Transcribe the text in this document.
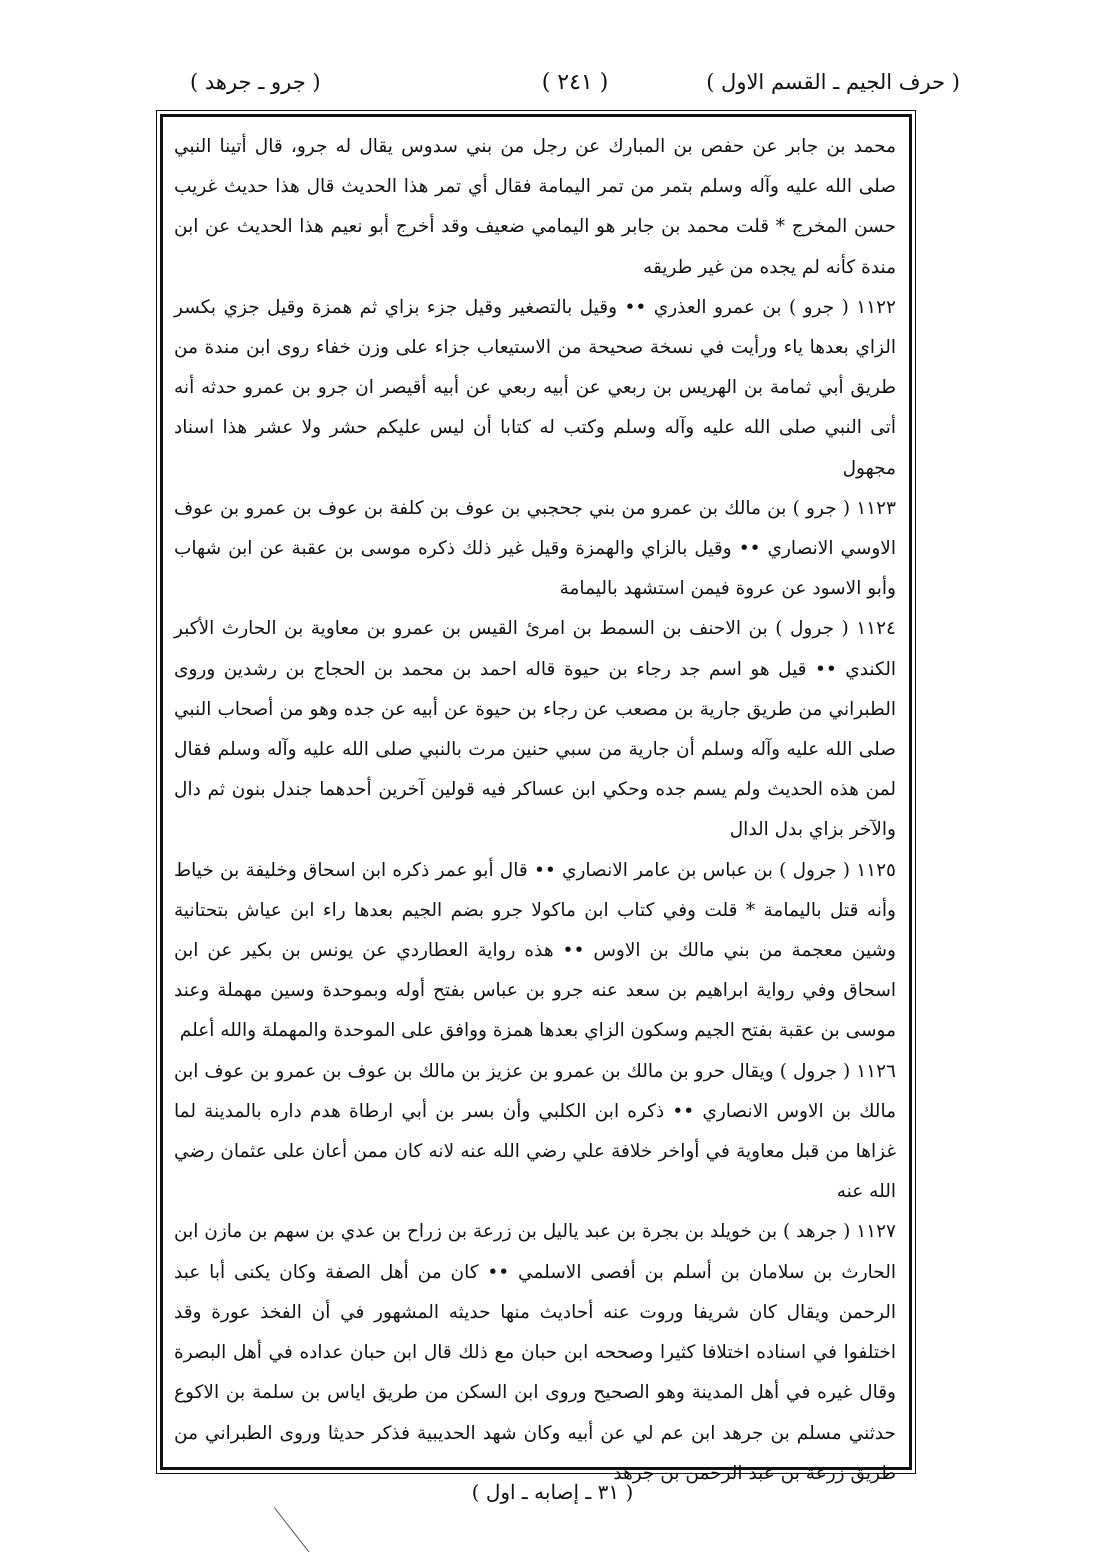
( حرف الجيم ـ القسم الاول )
( ٢٤١ )
( جرو ـ جرهد )

محمد بن جابر عن حفص بن المبارك عن رجل من بني سدوس يقال له جرو، قال أتينا النبي صلى الله عليه وآله وسلم بتمر من تمر اليمامة فقال أي تمر هذا الحديث قال هذا حديث غريب حسن المخرج * قلت محمد بن جابر هو اليمامي ضعيف وقد أخرج أبو نعيم هذا الحديث عن ابن مندة كأنه لم يجده من غير طريقه

١١٢٢ ( جرو ) بن عمرو العذري •• وقيل بالتصغير وقيل جزء بزاي ثم همزة وقيل جزي بكسر الزاي بعدها ياء ورأيت في نسخة صحيحة من الاستيعاب جزاء على وزن خفاء روى ابن مندة من طريق أبي ثمامة بن الهريس بن ربعي عن أبيه ربعي عن أبيه أقيصر ان جرو بن عمرو حدثه أنه أتى النبي صلى الله عليه وآله وسلم وكتب له كتابا أن ليس عليكم حشر ولا عشر هذا اسناد مجهول

١١٢٣ ( جرو ) بن مالك بن عمرو من بني جحجبي بن عوف بن كلفة بن عوف بن عمرو بن عوف الاوسي الانصاري •• وقيل بالزاي والهمزة وقيل غير ذلك ذكره موسى بن عقبة عن ابن شهاب وأبو الاسود عن عروة فيمن استشهد باليمامة

١١٢٤ ( جرول ) بن الاحنف بن السمط بن امرئ القيس بن عمرو بن معاوية بن الحارث الأكبر الكندي •• قيل هو اسم جد رجاء بن حيوة قاله احمد بن محمد بن الحجاج بن رشدين وروى الطبراني من طريق جارية بن مصعب عن رجاء بن حيوة عن أبيه عن جده وهو من أصحاب النبي صلى الله عليه وآله وسلم أن جارية من سبي حنين مرت بالنبي صلى الله عليه وآله وسلم فقال لمن هذه الحديث ولم يسم جده وحكي ابن عساكر فيه قولين آخرين أحدهما جندل بنون ثم دال والآخر بزاي بدل الدال

١١٢٥ ( جرول ) بن عباس بن عامر الانصاري •• قال أبو عمر ذكره ابن اسحاق وخليفة بن خياط وأنه قتل باليمامة * قلت وفي كتاب ابن ماكولا جرو بضم الجيم بعدها راء ابن عياش بتحتانية وشين معجمة من بني مالك بن الاوس •• هذه رواية العطاردي عن يونس بن بكير عن ابن اسحاق وفي رواية ابراهيم بن سعد عنه جرو بن عباس بفتح أوله وبموحدة وسين مهملة وعند موسى بن عقبة بفتح الجيم وسكون الزاي بعدها همزة ووافق على الموحدة والمهملة والله أعلم

١١٢٦ ( جرول ) ويقال حرو بن مالك بن عمرو بن عزيز بن مالك بن عوف بن عمرو بن عوف ابن مالك بن الاوس الانصاري •• ذكره ابن الكلبي وأن بسر بن أبي ارطاة هدم داره بالمدينة لما غزاها من قبل معاوية في أواخر خلافة علي رضي الله عنه لانه كان ممن أعان على عثمان رضي الله عنه

١١٢٧ ( جرهد ) بن خويلد بن بجرة بن عبد ياليل بن زرعة بن زراح بن عدي بن سهم بن مازن ابن الحارث بن سلامان بن أسلم بن أفصى الاسلمي •• كان من أهل الصفة وكان يكنى أبا عبد الرحمن ويقال كان شريفا وروت عنه أحاديث منها حديثه المشهور في أن الفخذ عورة وقد اختلفوا في اسناده اختلافا كثيرا وصححه ابن حبان مع ذلك قال ابن حبان عداده في أهل البصرة وقال غيره في أهل المدينة وهو الصحيح وروى ابن السكن من طريق اياس بن سلمة بن الاكوع حدثني مسلم بن جرهد ابن عم لي عن أبيه وكان شهد الحديبية فذكر حديثا وروى الطبراني من طريق زرعة بن عبد الرحمن بن جرهد

( ٣١ ـ إصابه ـ اول )
